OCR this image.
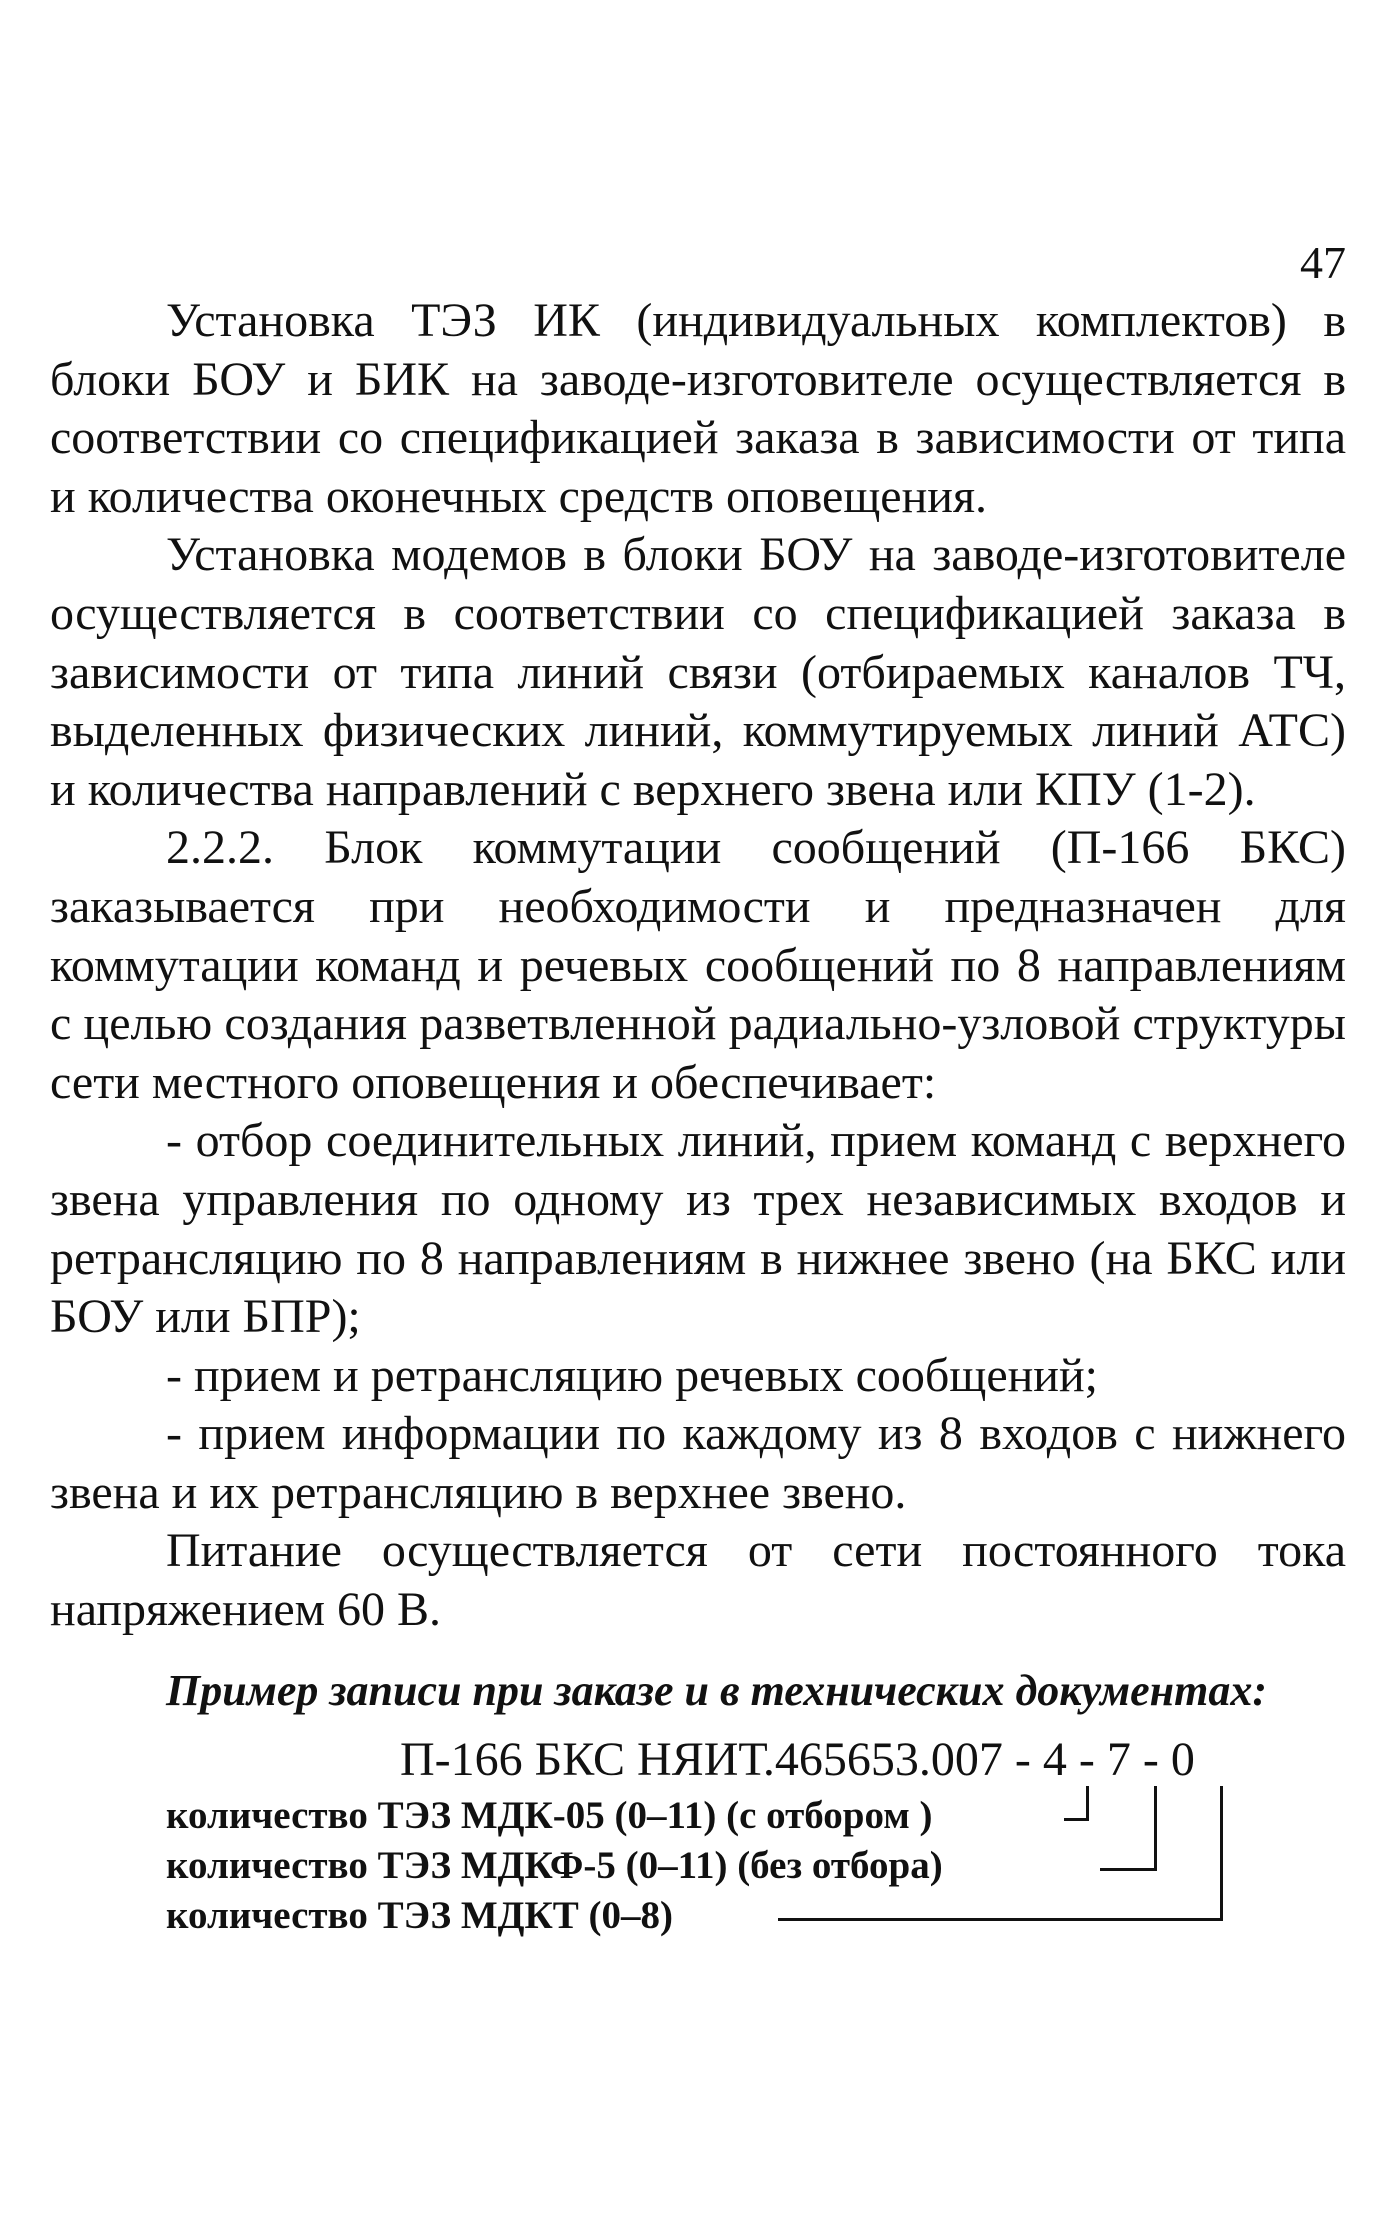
47

Установка ТЭЗ ИК (индивидуальных комплектов) в блоки БОУ и БИК на заводе-изготовителе осуществляется в соответствии со спецификацией заказа в зависимости от типа и количества оконечных средств оповещения.

Установка модемов в блоки БОУ на заводе-изготовителе осуществляется в соответствии со спецификацией заказа в зависимости от типа линий связи (отбираемых каналов ТЧ, выделенных физических линий, коммутируемых линий АТС) и количества направлений с верхнего звена или КПУ (1-2).

2.2.2. Блок коммутации сообщений (П-166 БКС) заказывается при необходимости и предназначен для коммутации команд и речевых сообщений по 8 направлениям с целью создания разветвленной радиально-узловой структуры сети местного оповещения и обеспечивает:

- отбор соединительных линий, прием команд с верхнего звена управления по одному из трех независимых входов и ретрансляцию по 8 направлениям в нижнее звено (на БКС или БОУ или БПР);

- прием и ретрансляцию речевых сообщений;

- прием информации по каждому из 8 входов с нижнего звена и их ретрансляцию в верхнее звено.

Питание осуществляется от сети постоянного тока напряжением 60 В.

Пример записи при заказе и в технических документах:
П-166 БКС НЯИТ.465653.007 - 4 - 7 - 0
количество ТЭЗ МДК-05 (0–11) (с отбором )
количество ТЭЗ МДКФ-5 (0–11) (без отбора)
количество ТЭЗ МДКТ (0–8)
